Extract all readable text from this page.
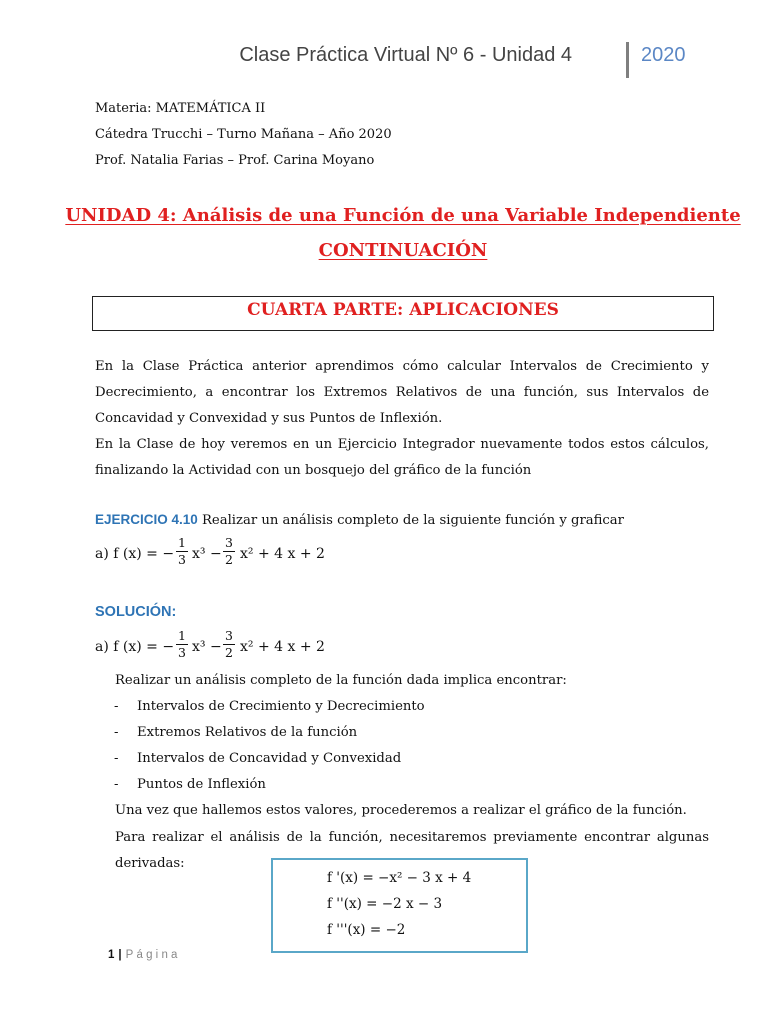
Clase Práctica Virtual Nº 6 - Unidad 4	2020
Materia: MATEMÁTICA II
Cátedra Trucchi – Turno Mañana – Año 2020
Prof. Natalia Farias – Prof. Carina Moyano
UNIDAD 4: Análisis de una Función de una Variable Independiente
CONTINUACIÓN
CUARTA PARTE: APLICACIONES
En la Clase Práctica anterior aprendimos cómo calcular Intervalos de Crecimiento y
Decrecimiento, a encontrar los Extremos Relativos de una función, sus Intervalos de
Concavidad y Convexidad y sus Puntos de Inflexión.
En la Clase de hoy veremos en un Ejercicio Integrador nuevamente todos estos cálculos,
finalizando la Actividad con un bosquejo del gráfico de la función
EJERCICIO 4.10 Realizar un análisis completo de la siguiente función y graficar
a) f (x) = −
1
3 x³ −
3
2 x² + 4 x + 2
SOLUCIÓN:
a) f (x) = −
1
3 x³ −
3
2 x² + 4 x + 2
Realizar un análisis completo de la función dada implica encontrar:
- Intervalos de Crecimiento y Decrecimiento
- Extremos Relativos de la función
- Intervalos de Concavidad y Convexidad
- Puntos de Inflexión
Una vez que hallemos estos valores, procederemos a realizar el gráfico de la función.
Para realizar el análisis de la función, necesitaremos previamente encontrar algunas
derivadas:
f '(x) = −x² − 3 x + 4
f ''(x) = −2 x − 3
f '''(x) = −2
1 | Página
